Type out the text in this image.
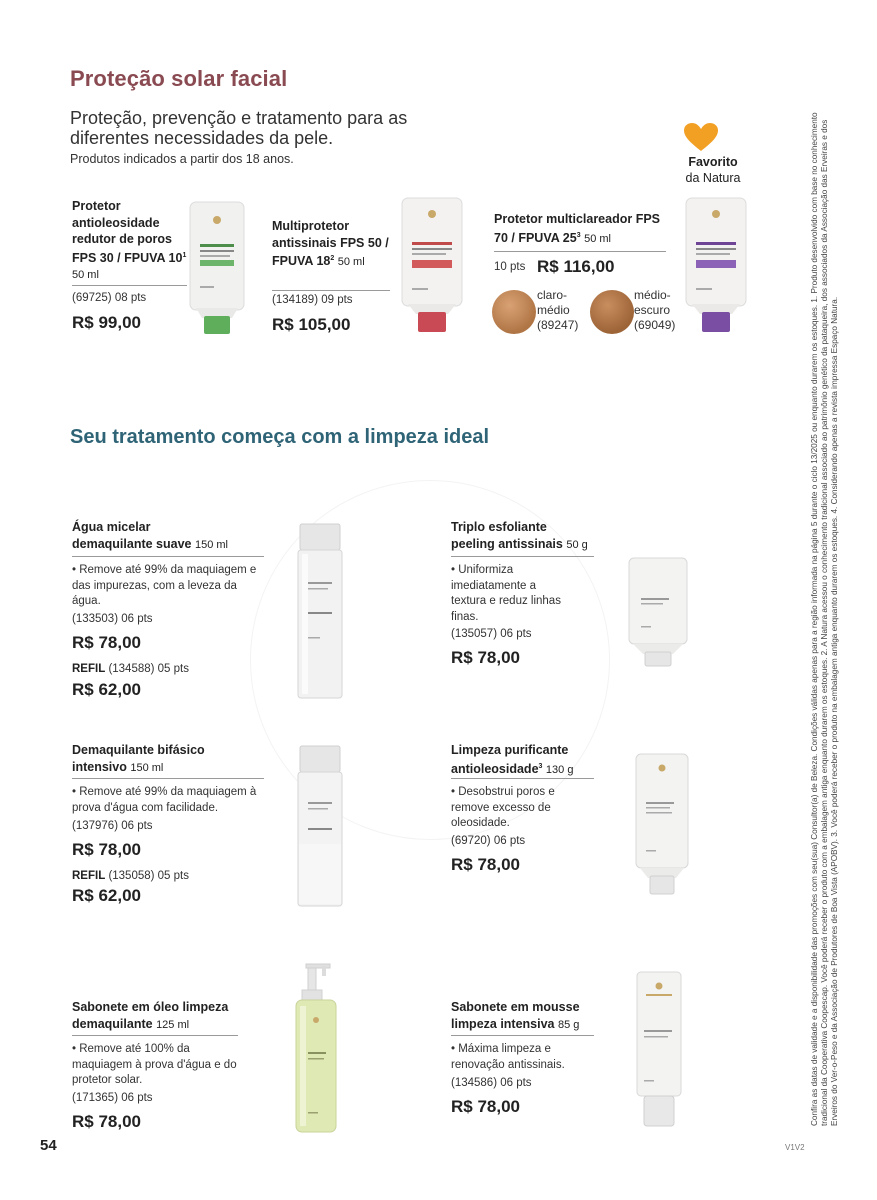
Proteção solar facial
Proteção, prevenção e tratamento para as diferentes necessidades da pele.
Produtos indicados a partir dos 18 anos.	Favorito
da Natura
Protetor antioleosidade redutor de poros FPS 30 / FPUVA $10^1$ 50 ml
(69725) 08 pts
R$ 99,00
Multiprotetor antissinais FPS 50 / FPUVA $18^2$ 50 ml
(134189) 09 pts
R$ 105,00
Protetor multiclareador FPS 70 / FPUVA $25^3$ 50 ml
10 pts R$ 116,00
claro-médio
(89247)
médio-escuro
(69049)
Seu tratamento começa com a limpeza ideal
Água micelar
demaquilante suave 150 ml
• Remove até 99% da maquiagem e das impurezas, com a leveza da água.
(133503) 06 pts
R$ 78,00
REFIL (134588) 05 pts
R$ 62,00
Triplo esfoliante
peeling antissinais 50 g
• Uniformiza imediatamente a textura e reduz linhas finas.
(135057) 06 pts
R$ 78,00
Demaquilante bifásico
intensivo 150 ml
• Remove até 99% da maquiagem à prova d'água com facilidade.
(137976) 06 pts
R$ 78,00
REFIL (135058) 05 pts
R$ 62,00
Limpeza purificante
antioleosidade$^3$ 130 g
• Desobstrui poros e remove excesso de oleosidade.
(69720) 06 pts
R$ 78,00
Sabonete em óleo limpeza
demaquilante 125 ml
• Remove até 100% da maquiagem à prova d'água e do protetor solar.
(171365) 06 pts
R$ 78,00
Sabonete em mousse
limpeza intensiva 85 g
• Máxima limpeza e renovação antissinais.
(134586) 06 pts
R$ 78,00	Confira as datas de validade e a disponibilidade das promoções com seu(sua) Consultor(a) de Beleza. Condições válidas apenas para a região informada na página 5 durante o ciclo 13/2025 ou enquanto durarem os estoques. 1. Produto desenvolvido com base no conhecimento tradicional da Cooperativa Coopescap. Você poderá receber o produto com a embalagem antiga enquanto durarem os estoques. 2. A Natura acessou o conhecimento tradicional associado ao patrimônio genético da pataqueira, dos associados da Associação das Erveiras e dos Erveiros do Ver-o-Peso e da Associação de Produtores de Boa Vista (APOBV). 3. Você poderá receber o produto na embalagem antiga enquanto durarem os estoques. 4. Considerando apenas a revista impressa Espaço Natura.
54	V1V2
